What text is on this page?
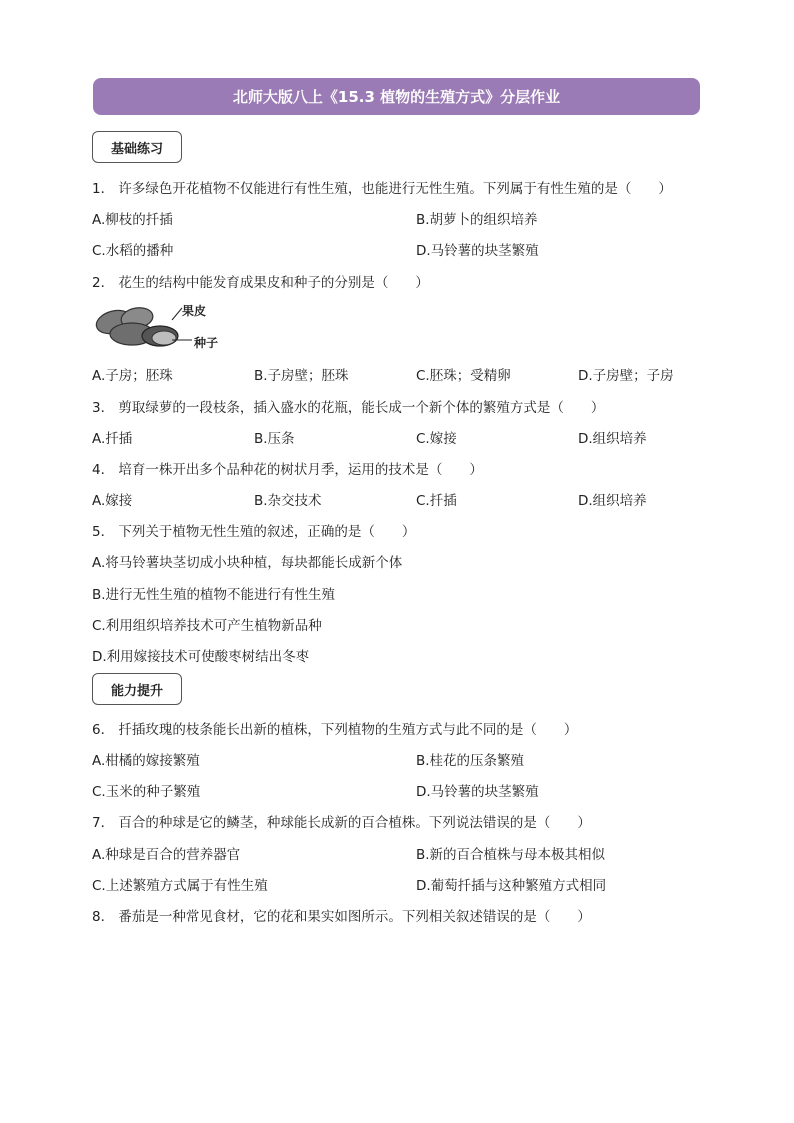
北师大版八上《15.3 植物的生殖方式》分层作业
基础练习
1． 许多绿色开花植物不仅能进行有性生殖，也能进行无性生殖。下列属于有性生殖的是（　　）
A.柳枝的扦插	B.胡萝卜的组织培养
C.水稻的播种	D.马铃薯的块茎繁殖
2． 花生的结构中能发育成果皮和种子的分别是（　　）
果皮
种子
A.子房；胚珠	B.子房壁；胚珠	C.胚珠；受精卵	D.子房壁；子房
3． 剪取绿萝的一段枝条，插入盛水的花瓶，能长成一个新个体的繁殖方式是（　　）
A.扦插	B.压条	C.嫁接	D.组织培养
4． 培育一株开出多个品种花的树状月季，运用的技术是（　　）
A.嫁接	B.杂交技术	C.扦插	D.组织培养
5． 下列关于植物无性生殖的叙述，正确的是（　　）
A.将马铃薯块茎切成小块种植，每块都能长成新个体
B.进行无性生殖的植物不能进行有性生殖
C.利用组织培养技术可产生植物新品种
D.利用嫁接技术可使酸枣树结出冬枣
能力提升
6． 扦插玫瑰的枝条能长出新的植株，下列植物的生殖方式与此不同的是（　　）
A.柑橘的嫁接繁殖	B.桂花的压条繁殖
C.玉米的种子繁殖	D.马铃薯的块茎繁殖
7． 百合的种球是它的鳞茎，种球能长成新的百合植株。下列说法错误的是（　　）
A.种球是百合的营养器官	B.新的百合植株与母本极其相似
C.上述繁殖方式属于有性生殖	D.葡萄扦插与这种繁殖方式相同
8． 番茄是一种常见食材，它的花和果实如图所示。下列相关叙述错误的是（　　）
